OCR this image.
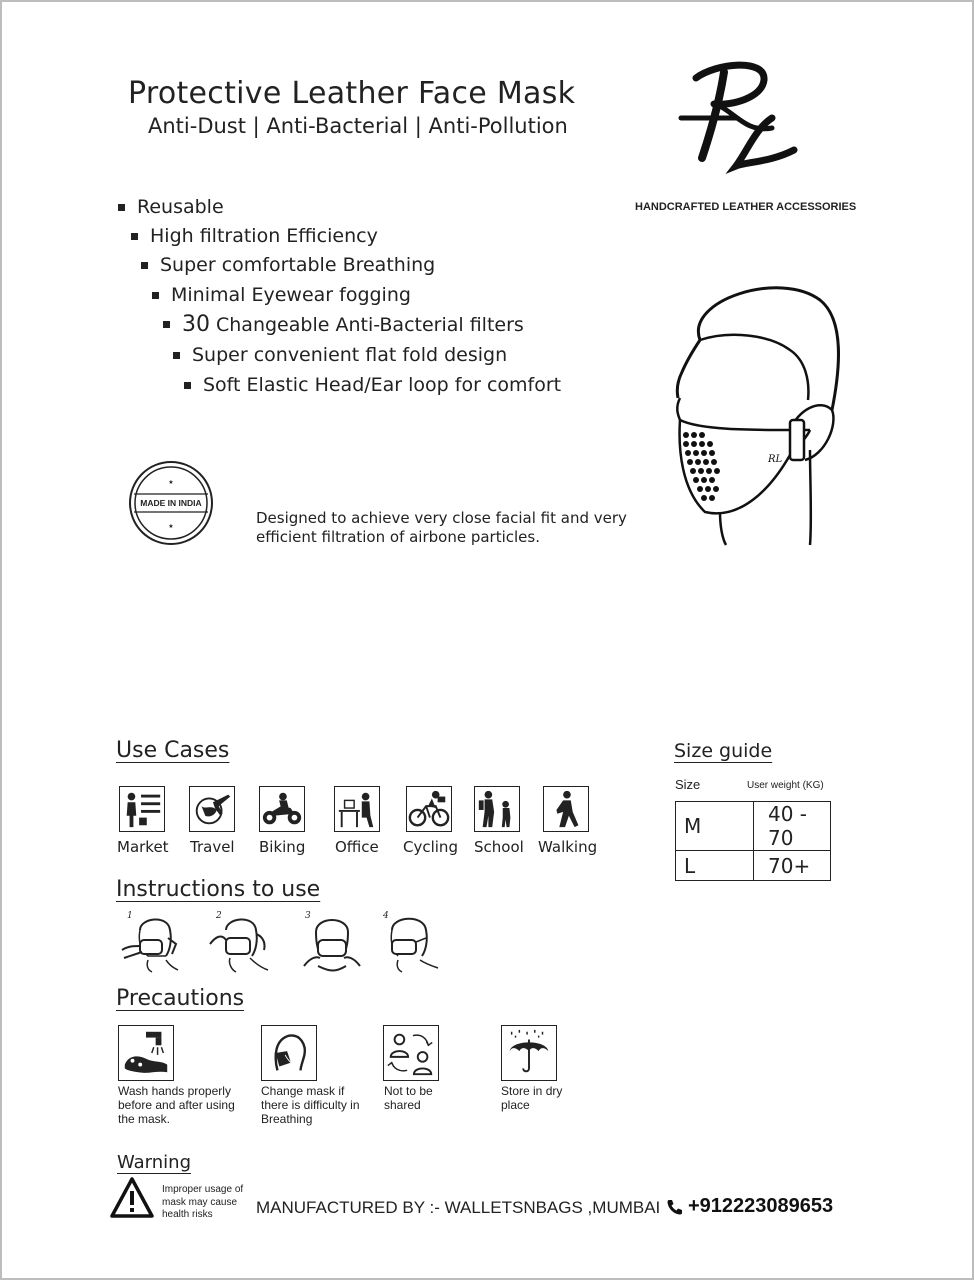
Protective Leather Face Mask
Anti-Dust | Anti-Bacterial | Anti-Pollution
HANDCRAFTED LEATHER ACCESSORIES
Reusable
High filtration Efficiency
Super comfortable Breathing
Minimal Eyewear fogging
30 Changeable Anti-Bacterial filters
Super convenient flat fold design
Soft Elastic Head/Ear loop for comfort
RL
★
★
MADE IN INDIA
Designed to achieve very close facial fit and very efficient filtration of airbone particles.
Use Cases
Market Travel Biking Office Cycling School Walking
Size guide
Size	User weight (KG)
M	40 - 70
L	70+
Instructions to use
1	2	3	4
Precautions
Wash hands properly before and after using the mask.
Change mask if there is difficulty in Breathing
Not to be shared
Store in dry place
Warning
Improper usage of mask may cause health risks	MANUFACTURED BY :- WALLETSNBAGS ,MUMBAI +912223089653
